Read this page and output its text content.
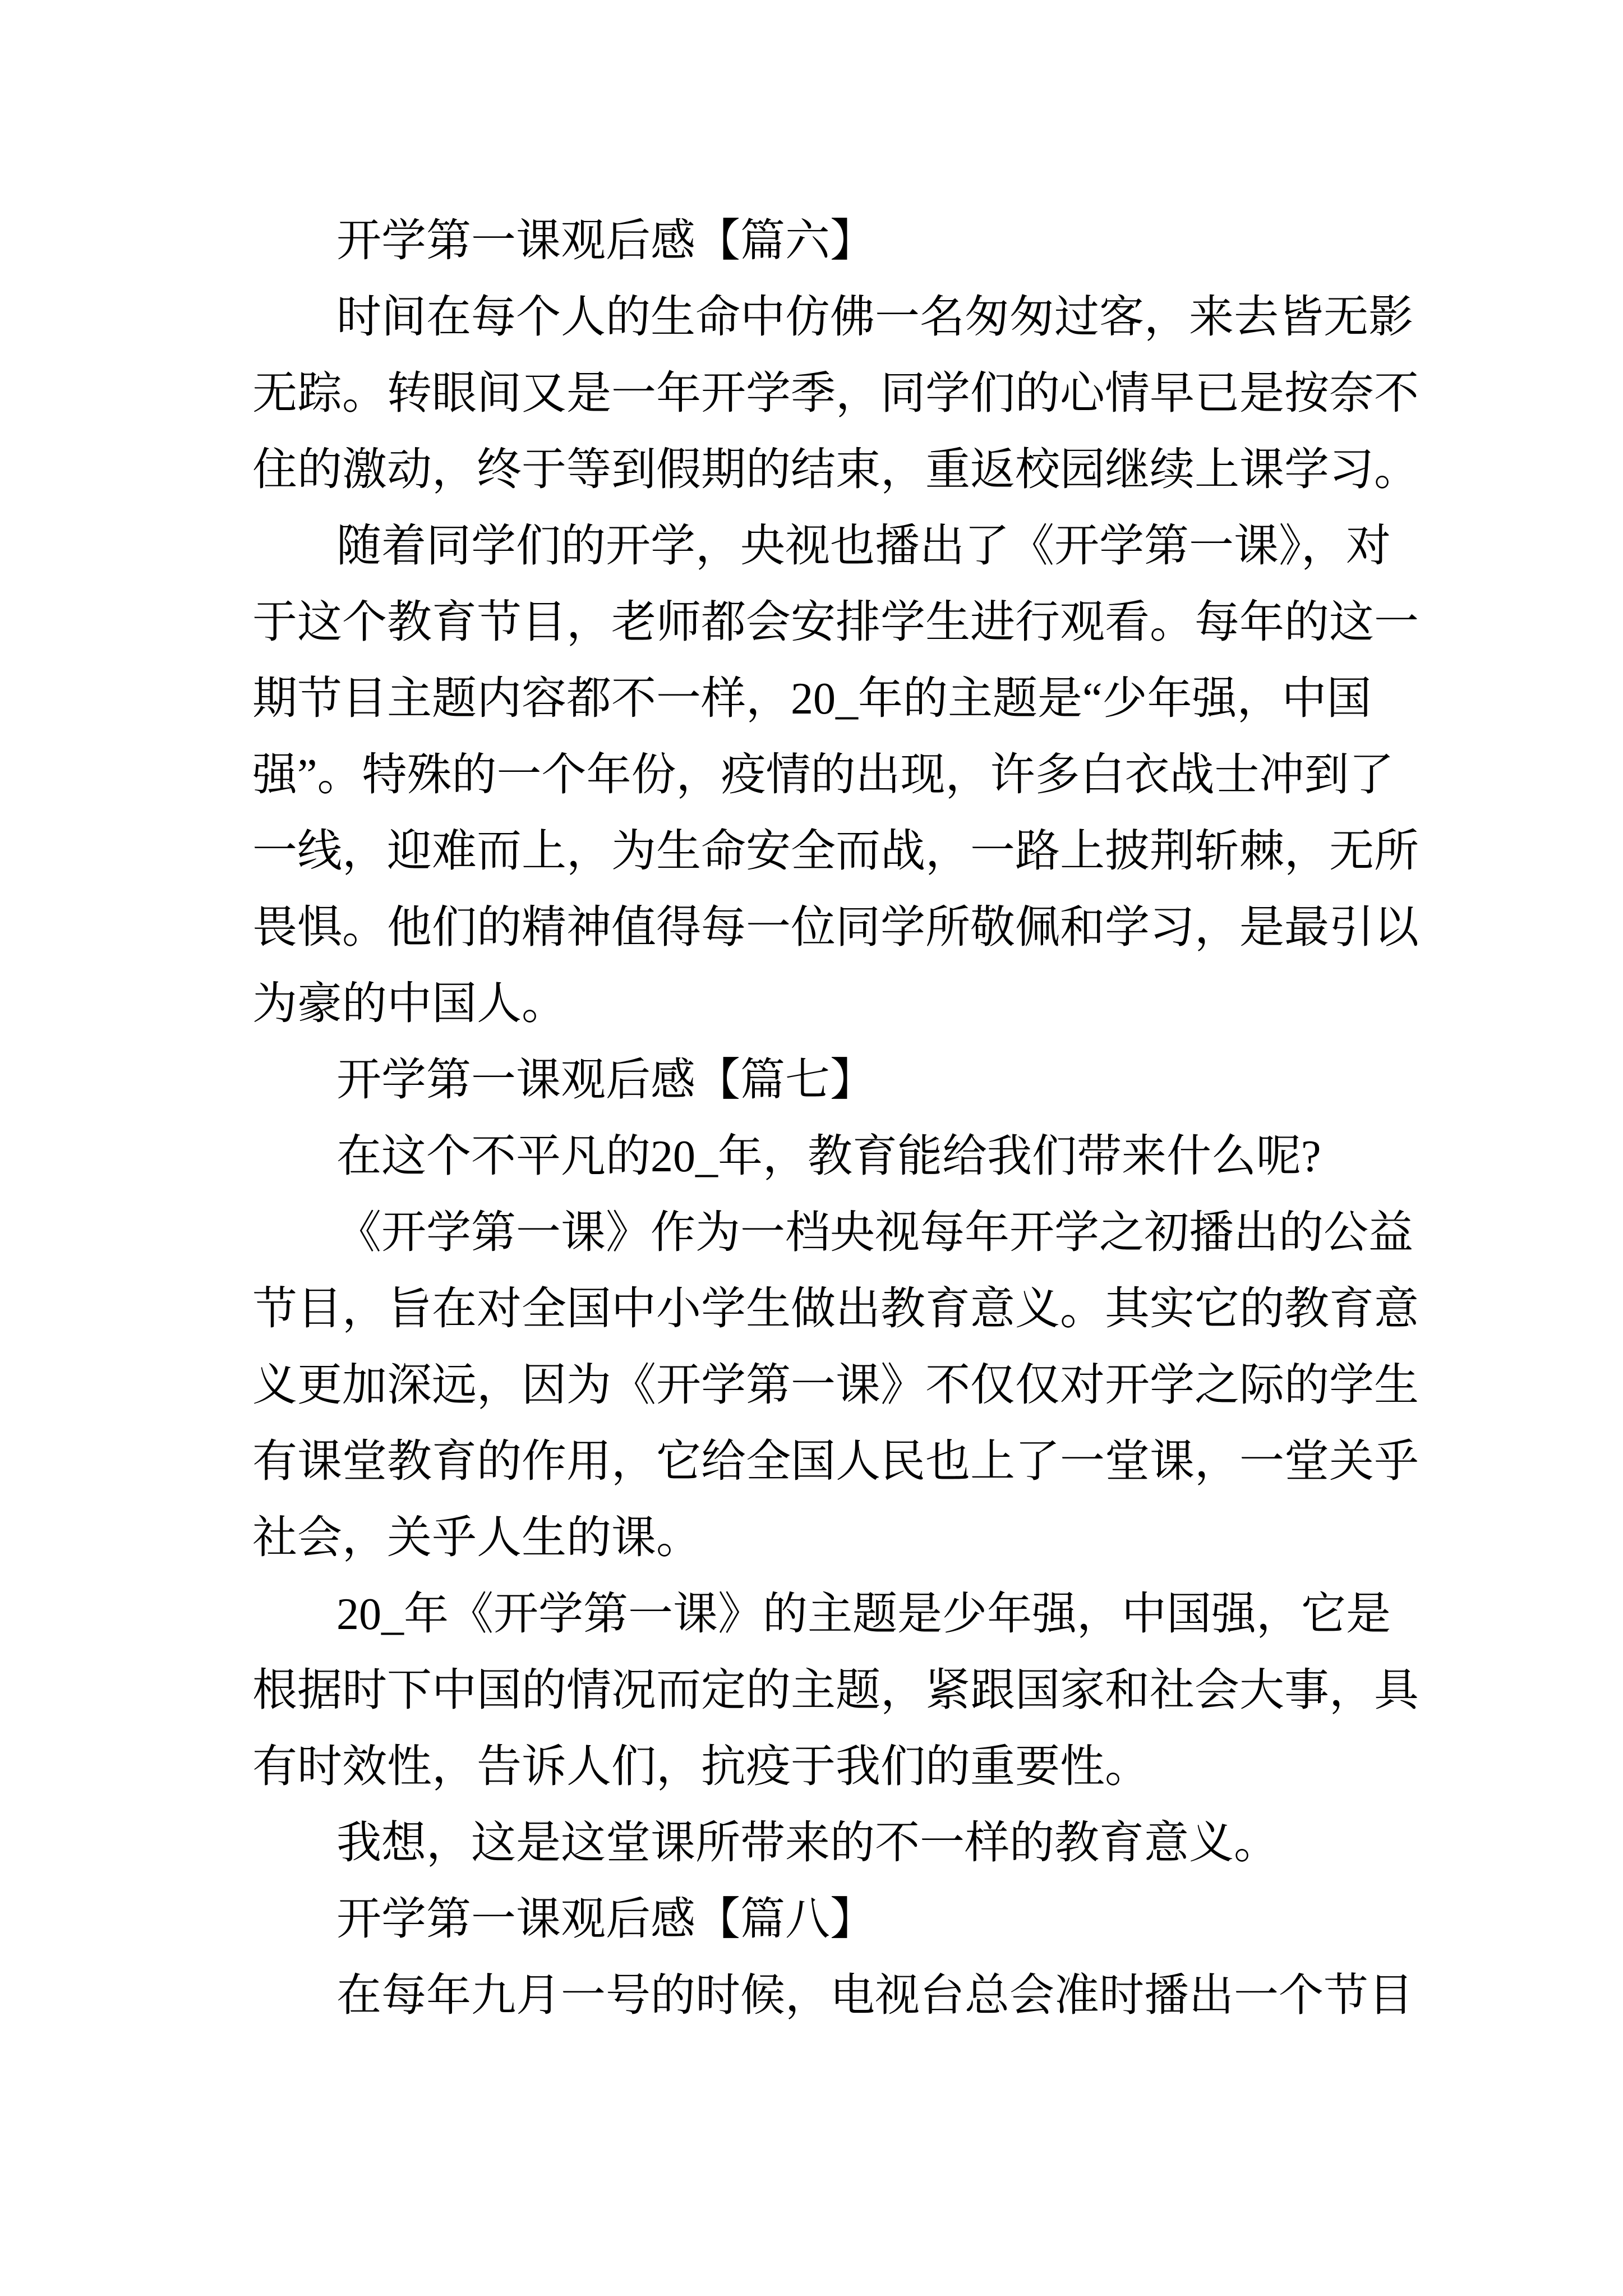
开学第一课观后感【篇六】
时间在每个人的生命中仿佛一名匆匆过客，来去皆无影
无踪。转眼间又是一年开学季，同学们的心情早已是按奈不
住的激动，终于等到假期的结束，重返校园继续上课学习。
随着同学们的开学，央视也播出了《开学第一课》，对
于这个教育节目，老师都会安排学生进行观看。每年的这一
期节目主题内容都不一样，20_年的主题是“少年强，中国
强”。特殊的一个年份，疫情的出现，许多白衣战士冲到了
一线，迎难而上，为生命安全而战，一路上披荆斩棘，无所
畏惧。他们的精神值得每一位同学所敬佩和学习，是最引以
为豪的中国人。
开学第一课观后感【篇七】
在这个不平凡的20_年，教育能给我们带来什么呢?
《开学第一课》作为一档央视每年开学之初播出的公益
节目，旨在对全国中小学生做出教育意义。其实它的教育意
义更加深远，因为《开学第一课》不仅仅对开学之际的学生
有课堂教育的作用，它给全国人民也上了一堂课，一堂关乎
社会，关乎人生的课。
20_年《开学第一课》的主题是少年强，中国强，它是
根据时下中国的情况而定的主题，紧跟国家和社会大事，具
有时效性，告诉人们，抗疫于我们的重要性。
我想，这是这堂课所带来的不一样的教育意义。
开学第一课观后感【篇八】
在每年九月一号的时候，电视台总会准时播出一个节目
